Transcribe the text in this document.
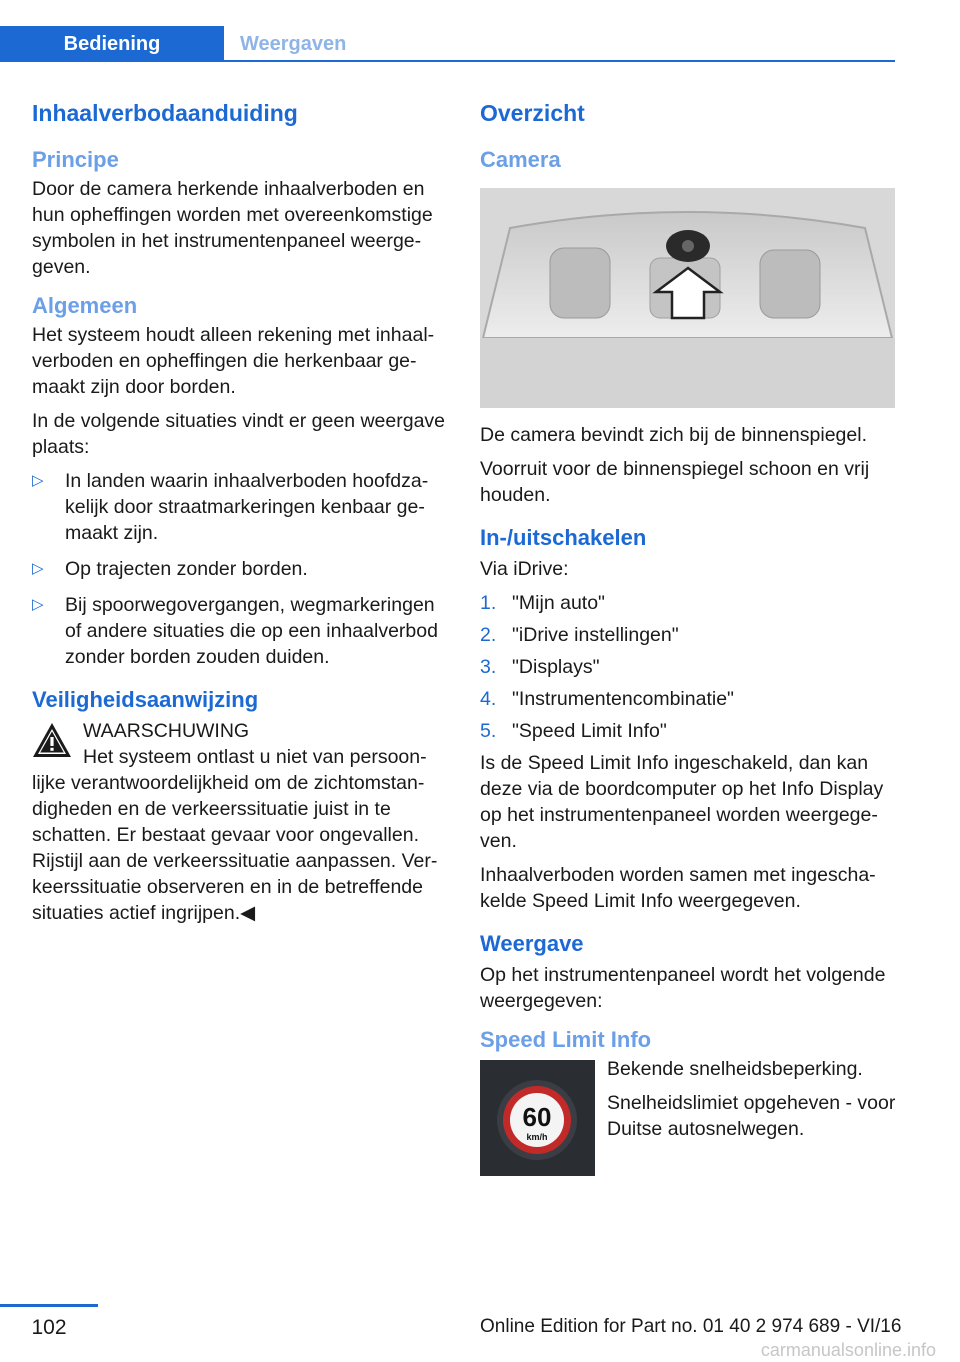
Bediening	Weergaven
Inhaalverbodaanduiding
Principe

Door de camera herkende inhaalverboden en hun opheffingen worden met overeenkomstige symbolen in het instrumentenpaneel weergegeven.

Algemeen

Het systeem houdt alleen rekening met inhaalverboden en opheffingen die herkenbaar gemaakt zijn door borden.

In de volgende situaties vindt er geen weergave plaats:

▷ In landen waarin inhaalverboden hoofdzakelijk door straatmarkeringen kenbaar gemaakt zijn.
▷ Op trajecten zonder borden.
▷ Bij spoorwegovergangen, wegmarkeringen of andere situaties die op een inhaalverbod zonder borden zouden duiden.
Veiligheidsaanwijzing

WAARSCHUWING

Het systeem ontlast u niet van persoonlijke verantwoordelijkheid om de zichtomstandigheden en de verkeerssituatie juist in te schatten. Er bestaat gevaar voor ongevallen. Rijstijl aan de verkeerssituatie aanpassen. Verkeerssituatie observeren en in de betreffende situaties actief ingrijpen.◀

Overzicht
Camera

De camera bevindt zich bij de binnenspiegel.

Voorruit voor de binnenspiegel schoon en vrij houden.

In-/uitschakelen

Via iDrive:

1. "Mijn auto"
2. "iDrive instellingen"
3. "Displays"
4. "Instrumentencombinatie"
5. "Speed Limit Info"

Is de Speed Limit Info ingeschakeld, dan kan deze via de boordcomputer op het Info Display op het instrumentenpaneel worden weergegeven.

Inhaalverboden worden samen met ingeschakelde Speed Limit Info weergegeven.

Weergave

Op het instrumentenpaneel wordt het volgende weergegeven:

Speed Limit Info
60
km/h

Bekende snelheidsbeperking.

Snelheidslimiet opgeheven - voor Duitse autosnelwegen.

102	Online Edition for Part no. 01 40 2 974 689 - VI/16
carmanualsonline.info
